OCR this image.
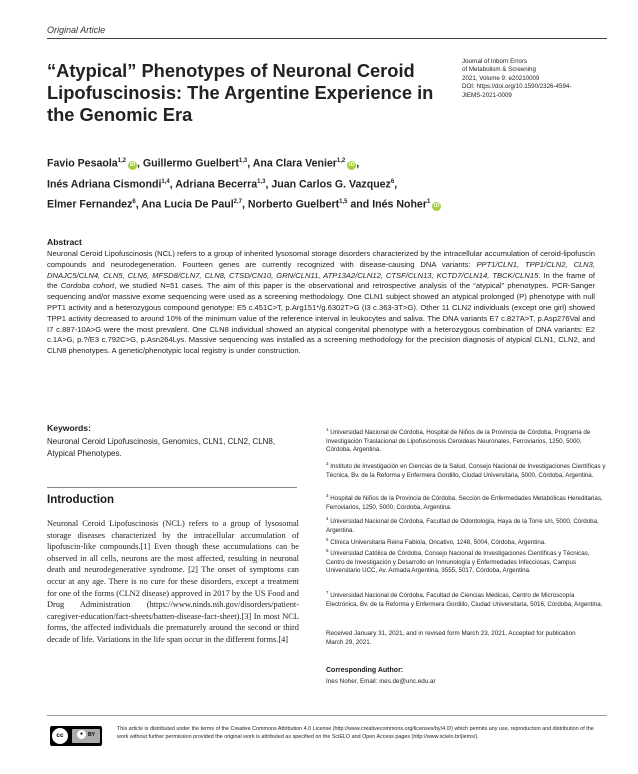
Original Article
“Atypical” Phenotypes of Neuronal Ceroid Lipofuscinosis: The Argentine Experience in the Genomic Era
Journal of Inborn Errors
of Metabolism & Screening
2021, Volume 9: e20210009
DOI: https://doi.org/10.1590/2326-4594-
JIEMS-2021-0009
Favio Pesaola$^{1,2}$iD , Guillermo Guelbert$^{1,3}$, Ana Clara Venier$^{1,2}$iD ,
Inés Adriana Cismondi$^{1,4}$, Adriana Becerra$^{1,3}$, Juan Carlos G. Vazquez$^6$,
Elmer Fernandez$^6$, Ana Lucia De Paul$^{2,7}$, Norberto Guelbert$^{1,5}$ and Inés Noher$^1$iD
Abstract
Neuronal Ceroid Lipofuscinosis (NCL) refers to a group of inherited lysosomal storage disorders characterized by the intracellular accumulation of ceroid-lipofuscin compounds and neurodegeneration. Fourteen genes are currently recognized with disease-causing DNA variants: PPT1/CLN1, TPP1/CLN2, CLN3, DNAJC5/CLN4, CLN5, CLN6, MFSD8/CLN7, CLN8, CTSD/CN10, GRN/CLN11, ATP13A2/CLN12, CTSF/CLN13, KCTD7/CLN14, TBCK/CLN15. In the frame of the Cordoba cohort, we studied N=51 cases. The aim of this paper is the observational and retrospective analysis of the “atypical” phenotypes. PCR-Sanger sequencing and/or massive exome sequencing were used as a screening methodology. One CLN1 subject showed an atypical prolonged (P) phenotype with null PPT1 activity and a heterozygous compound genotype: E5 c.451C>T, p.Arg151*/g.6302T>G (I3 c.363-3T>G). Other 11 CLN2 individuals (except one girl) showed TPP1 activity decreased to around 10% of the minimum value of the reference interval in leukocytes and saliva. The DNA variants E7 c.827A>T, p.Asp276Val and I7 c.887-10A>G were the most prevalent. One CLN8 individual showed an atypical congenital phenotype with a heterozygous combination of DNA variants: E2 c.1A>G, p.?/E3 c.792C>G, p.Asn264Lys. Massive sequencing was installed as a screening methodology for the precision diagnosis of atypical CLN1, CLN2, and CLN8 phenotypes. A genetic/phenotypic local registry is under construction.
Keywords:
Neuronal Ceroid Lipofuscinosis, Genomics, CLN1, CLN2, CLN8, Atypical Phenotypes.
$^1$ Universidad Nacional de Córdoba, Hospital de Niños de la Provincia de Córdoba, Programa de Investigación Traslacional de Lipofuscinosis Ceroideas Neuronales, Ferroviarios, 1250, 5000, Córdoba, Argentina.
$^2$ Instituto de Investigación en Ciencias de la Salud, Consejo Nacional de Investigaciones Científicas y Técnica, Bv. de la Reforma y Enfermera Gordillo, Ciudad Universitaria, 5000, Córdoba, Argentina.
$^3$ Hospital de Niños de la Provincia de Córdoba, Sección de Enfermedades Metabólicas Hereditarias, Ferroviarios, 1250, 5000, Córdoba, Argentina.
$^4$ Universidad Nacional de Córdoba, Facultad de Odontología, Haya de la Torre s/n, 5000, Córdoba, Argentina.
$^5$ Clínica Universitaria Reina Fabiola, Oncativo, 1248, 5004, Córdoba, Argentina.
$^6$ Universidad Católica de Córdoba, Consejo Nacional de Investigaciones Científicas y Técnicas, Centro de Investigación y Desarrollo en Inmunología y Enfermedades Infecciosas, Campus Universitario UCC, Av. Armada Argentina, 3555, 5017, Córdoba, Argentina.
$^7$ Universidad Nacional de Córdoba, Facultad de Ciencias Médicas, Centro de Microscopía Electrónica, Bv. de la Reforma y Enfermera Gordillo, Ciudad Universitaria, 5016, Córdoba, Argentina.
Introduction
Neuronal Ceroid Lipofuscinosis (NCL) refers to a group of lysosomal storage diseases characterized by the intracellular accumulation of lipofuscin-like compounds.[1] Even though these accumulations can be observed in all cells, neurons are the most affected, resulting in neuronal death and neurodegenerative syndrome. [2] The onset of symptoms can occur at any age. There is no cure for these disorders, except a treatment for one of the forms (CLN2 disease) approved in 2017 by the US Food and Drug Administration (https://www.ninds.nih.gov/disorders/patient-caregiver-education/fact-sheets/batten-disease-fact-sheet).[3] In most NCL forms, the affected individuals die prematurely around the second or third decade of life. Variations in the life span occur in the different forms.[4]
Received January 31, 2021, and in revised form March 23, 2021. Accepted for publication March 29, 2021.
Corresponding Author:
Ines Noher, Email: ines.de@unc.edu.ar
cc	● BY
This article is distributed under the terms of the Creative Commons Attribution 4.0 License (http://www.creativecommons.org/licenses/by/4.0/) which permits any use, reproduction and distribution of the work without further permission provided the original work is attributed as specified on the SciELO and Open Access pages (http://www.scielo.br/jiems/).
